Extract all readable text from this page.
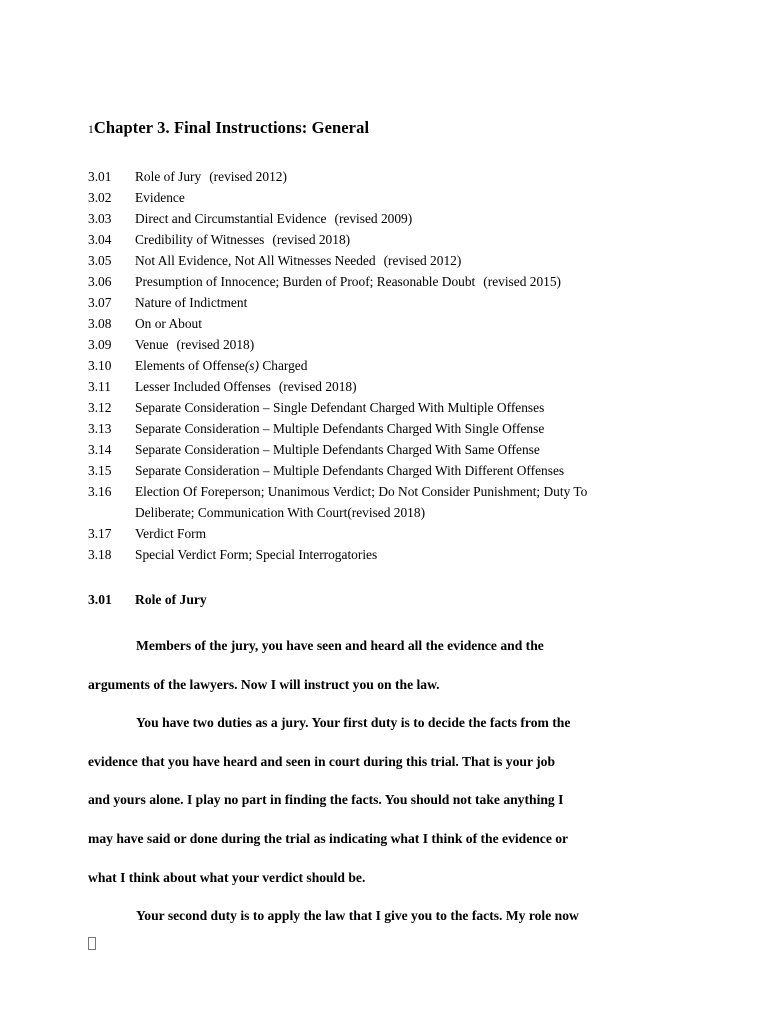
1Chapter 3. Final Instructions: General
3.01	Role of Jury (revised 2012)
3.02	Evidence
3.03	Direct and Circumstantial Evidence (revised 2009)
3.04	Credibility of Witnesses (revised 2018)
3.05	Not All Evidence, Not All Witnesses Needed (revised 2012)
3.06	Presumption of Innocence; Burden of Proof; Reasonable Doubt (revised 2015)
3.07	Nature of Indictment
3.08	On or About
3.09	Venue (revised 2018)
3.10	Elements of Offense(s) Charged
3.11	Lesser Included Offenses (revised 2018)
3.12	Separate Consideration – Single Defendant Charged With Multiple Offenses
3.13	Separate Consideration – Multiple Defendants Charged With Single Offense
3.14	Separate Consideration – Multiple Defendants Charged With Same Offense
3.15	Separate Consideration – Multiple Defendants Charged With Different Offenses
3.16	Election Of Foreperson; Unanimous Verdict; Do Not Consider Punishment; Duty To
Deliberate; Communication With Court(revised 2018)
3.17	Verdict Form
3.18	Special Verdict Form; Special Interrogatories
3.01	Role of Jury

Members of the jury, you have seen and heard all the evidence and the
arguments of the lawyers. Now I will instruct you on the law.

You have two duties as a jury. Your first duty is to decide the facts from the
evidence that you have heard and seen in court during this trial. That is your job
and yours alone. I play no part in finding the facts. You should not take anything I
may have said or done during the trial as indicating what I think of the evidence or
what I think about what your verdict should be.

Your second duty is to apply the law that I give you to the facts. My role now
